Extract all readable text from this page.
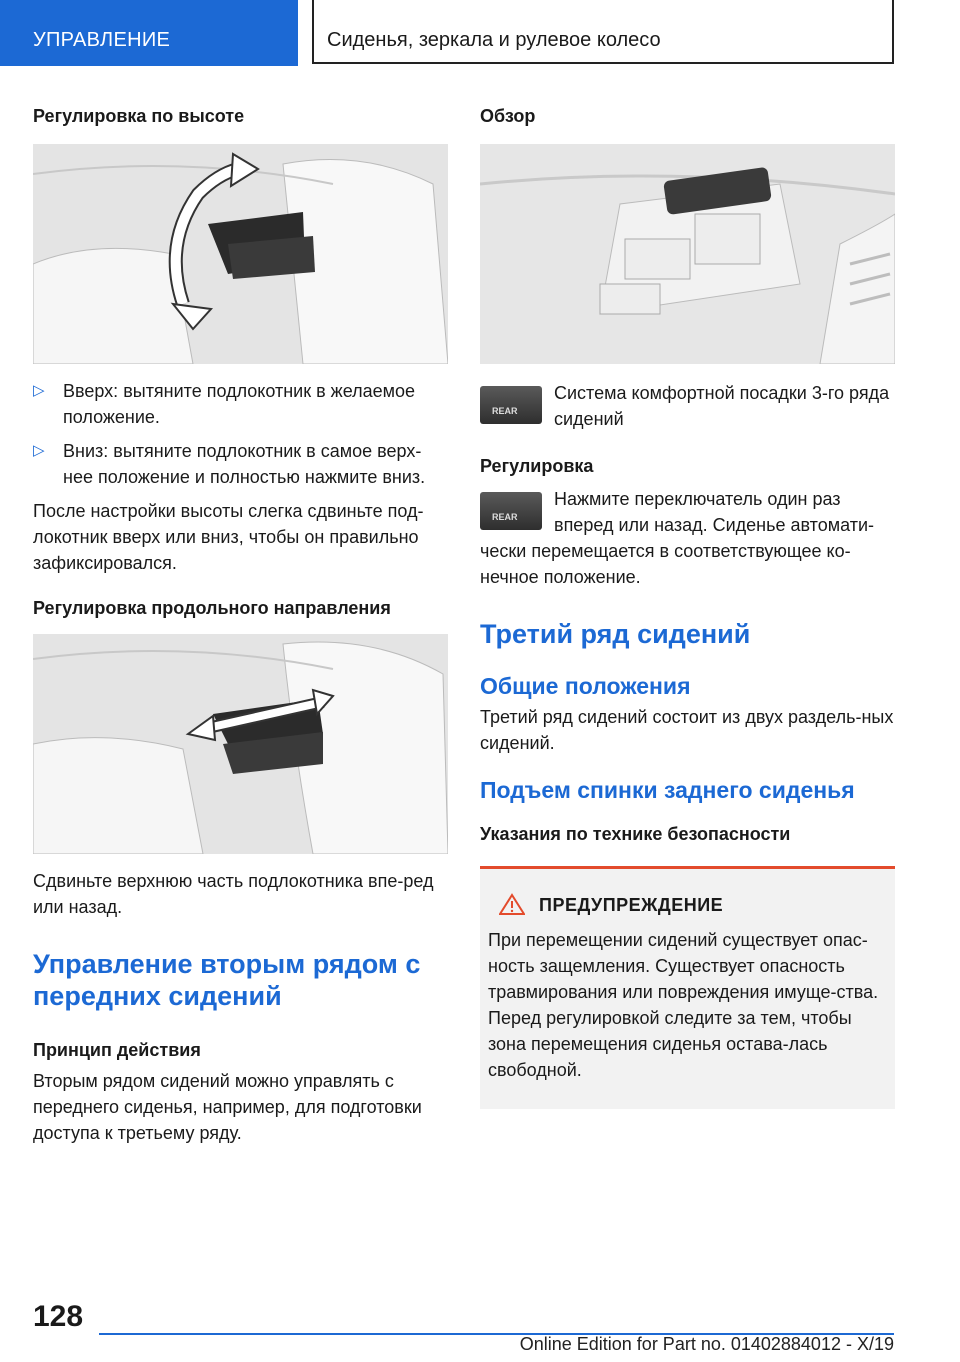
УПРАВЛЕНИЕ	Сиденья, зеркала и рулевое колесо
Регулировка по высоте
▷ Вверх: вытяните подлокотник в желаемое положение.
▷ Вниз: вытяните подлокотник в самое верх-нее положение и полностью нажмите вниз.

После настройки высоты слегка сдвиньте под-локотник вверх или вниз, чтобы он правильно зафиксировался.

Регулировка продольного направления

Сдвиньте верхнюю часть подлокотника впе-ред или назад.

Управление вторым рядом с передних сидений
Принцип действия

Вторым рядом сидений можно управлять с переднего сиденья, например, для подготовки доступа к третьему ряду.

Обзор
REAR
Система комфортной посадки 3-го ряда сидений
Регулировка
REAR
Нажмите переключатель один раз вперед или назад. Сиденье автомати-

чески перемещается в соответствующее ко-нечное положение.

Третий ряд сидений
Общие положения

Третий ряд сидений состоит из двух раздель-ных сидений.

Подъем спинки заднего сиденья
Указания по технике безопасности
ПРЕДУПРЕЖДЕНИЕ

При перемещении сидений существует опас-ность защемления. Существует опасность травмирования или повреждения имуще-ства. Перед регулировкой следите за тем, чтобы зона перемещения сиденья остава-лась свободной.

128
Online Edition for Part no. 01402884012 - X/19
